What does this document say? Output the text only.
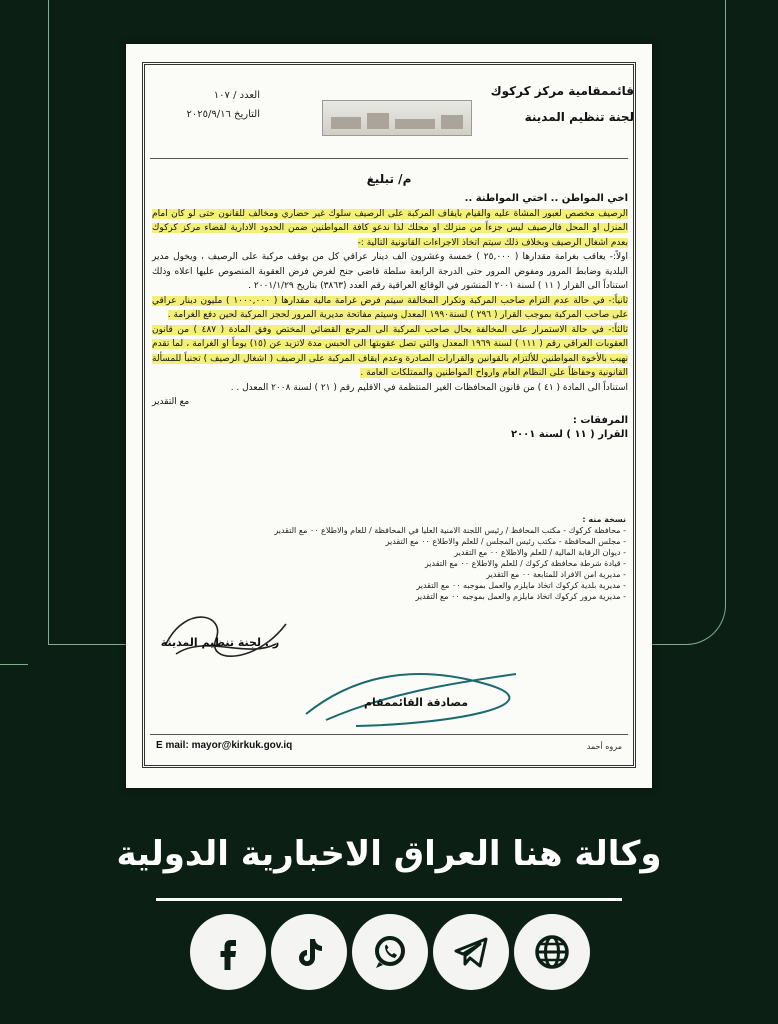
قائممقامية مركز كركوك
لجنة تنظيم المدينة
العدد / ١٠٧
التاريخ ٢٠٢٥/٩/١٦
م/ تبليغ
اخي المواطن .. اختي المواطنة ..
الرصيف مخصص لعبور المشاة عليه والقيام بايقاف المركبة على الرصيف سلوك غير حضاري ومخالف للقانون حتى لو كان امام المنزل او المحل فالرصيف ليس جزءاً من منزلك او محلك لذا ندعو كافة المواطنين ضمن الحدود الادارية لقضاء مركز كركوك بعدم اشغال الرصيف وبخلاف ذلك سيتم اتخاذ الاجراءات القانونية التالية :-
اولاً:- يعاقب بغرامة مقدارها ( ٢٥,٠٠٠ ) خمسة وعشرون الف دينار عراقي كل من يوقف مركبة على الرصيف ، ويخول مدير البلدية وضابط المرور ومفوض المرور حتى الدرجة الرابعة سلطة قاضي جنح لغرض فرض العقوبة المنصوص عليها اعلاه وذلك استناداً الى القرار ( ١١ ) لسنة ٢٠٠١ المنشور في الوقائع العراقية رقم العدد (٣٨٦٣) بتاريخ ٢٠٠١/١/٢٩ .
ثانياً:- في حالة عدم التزام صاحب المركبة وتكرار المخالفة سيتم فرض غرامة مالية مقدارها ( ١٠٠٠,٠٠٠ ) مليون دينار عراقي على صاحب المركبة بموجب القرار ( ٢٩٦ ) لسنة١٩٩٠ المعدل وسيتم مفاتحة مديرية المرور لحجز المركبة لحين دفع الغرامة .
ثالثاً:- في حالة الاستمرار على المخالفة يحال صاحب المركبة الى المرجع القضائي المختص وفق المادة ( ٤٨٧ ) من قانون العقوبات العراقي رقم ( ١١١ ) لسنة ١٩٦٩ المعدل والتي تصل عقوبتها الى الحبس مدة لاتزيد عن (١٥) يوماً او الغرامة ، لما تقدم نهيب بالأخوة المواطنين للألتزام بالقوانين والقرارات الصادرة وعدم ايقاف المركبة على الرصيف ( اشغال الرصيف ) تجنباً للمسألة القانونية وحفاظاً على النظام العام وارواح المواطنين والممتلكات العامة .
استناداً الى المادة ( ٤١ ) من قانون المحافظات الغير المنتظمة في الاقليم رقم ( ٢١ ) لسنة ٢٠٠٨ المعدل . .
مع التقدير
المرفقات :
القرار ( ١١ ) لسنة ٢٠٠١
نسخة منه :
- محافظة كركوك - مكتب المحافظ / رئيس اللجنة الامنية العليا في المحافظة / للعام والاطلاع ٠٠ مع التقدير
- مجلس المحافظة - مكتب رئيس المجلس / للعلم والاطلاع ٠٠ مع التقدير
- ديوان الرقابة المالية / للعلم والاطلاع ٠٠ مع التقدير
- قيادة شرطة محافظة كركوك / للعلم والاطلاع ٠٠ مع التقدير
- مديرية امن الافراد للمتابعة ٠٠ مع التقدير
- مديرية بلدية كركوك اتخاذ مايلزم والعمل بموجبه ٠٠ مع التقدير
- مديرية مرور كركوك اتخاذ مايلزم والعمل بموجبه ٠٠ مع التقدير
ر . لجنة تنظيم المدينة
مصادقة القائممقام
E mail: mayor@kirkuk.gov.iq	مروه أحمد
وكالة هنا العراق الاخبارية الدولية
